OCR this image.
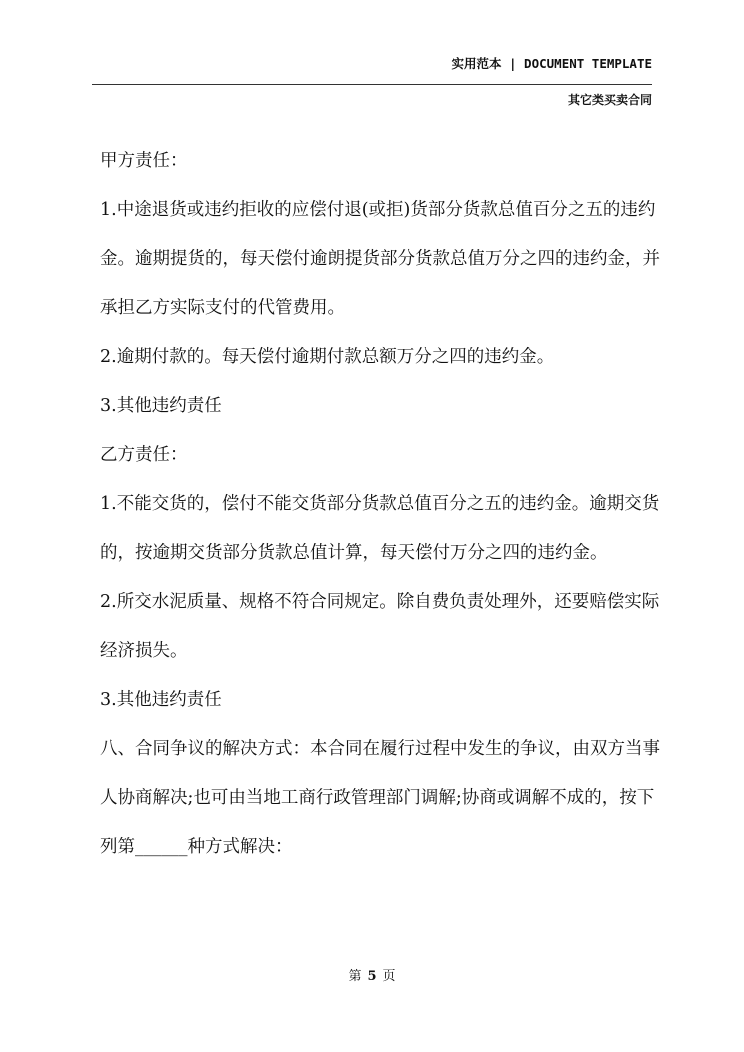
实用范本 | DOCUMENT TEMPLATE
其它类买卖合同

甲方责任：

1.中途退货或违约拒收的应偿付退(或拒)货部分货款总值百分之五的违约金。逾期提货的，每天偿付逾朗提货部分货款总值万分之四的违约金，并承担乙方实际支付的代管费用。

2.逾期付款的。每天偿付逾期付款总额万分之四的违约金。

3.其他违约责任

乙方责任：

1.不能交货的，偿付不能交货部分货款总值百分之五的违约金。逾期交货的，按逾期交货部分货款总值计算，每天偿付万分之四的违约金。

2.所交水泥质量、规格不符合同规定。除自费负责处理外，还要赔偿实际经济损失。

3.其他违约责任

八、合同争议的解决方式：本合同在履行过程中发生的争议，由双方当事人协商解决;也可由当地工商行政管理部门调解;协商或调解不成的，按下列第______种方式解决：

第 5 页
